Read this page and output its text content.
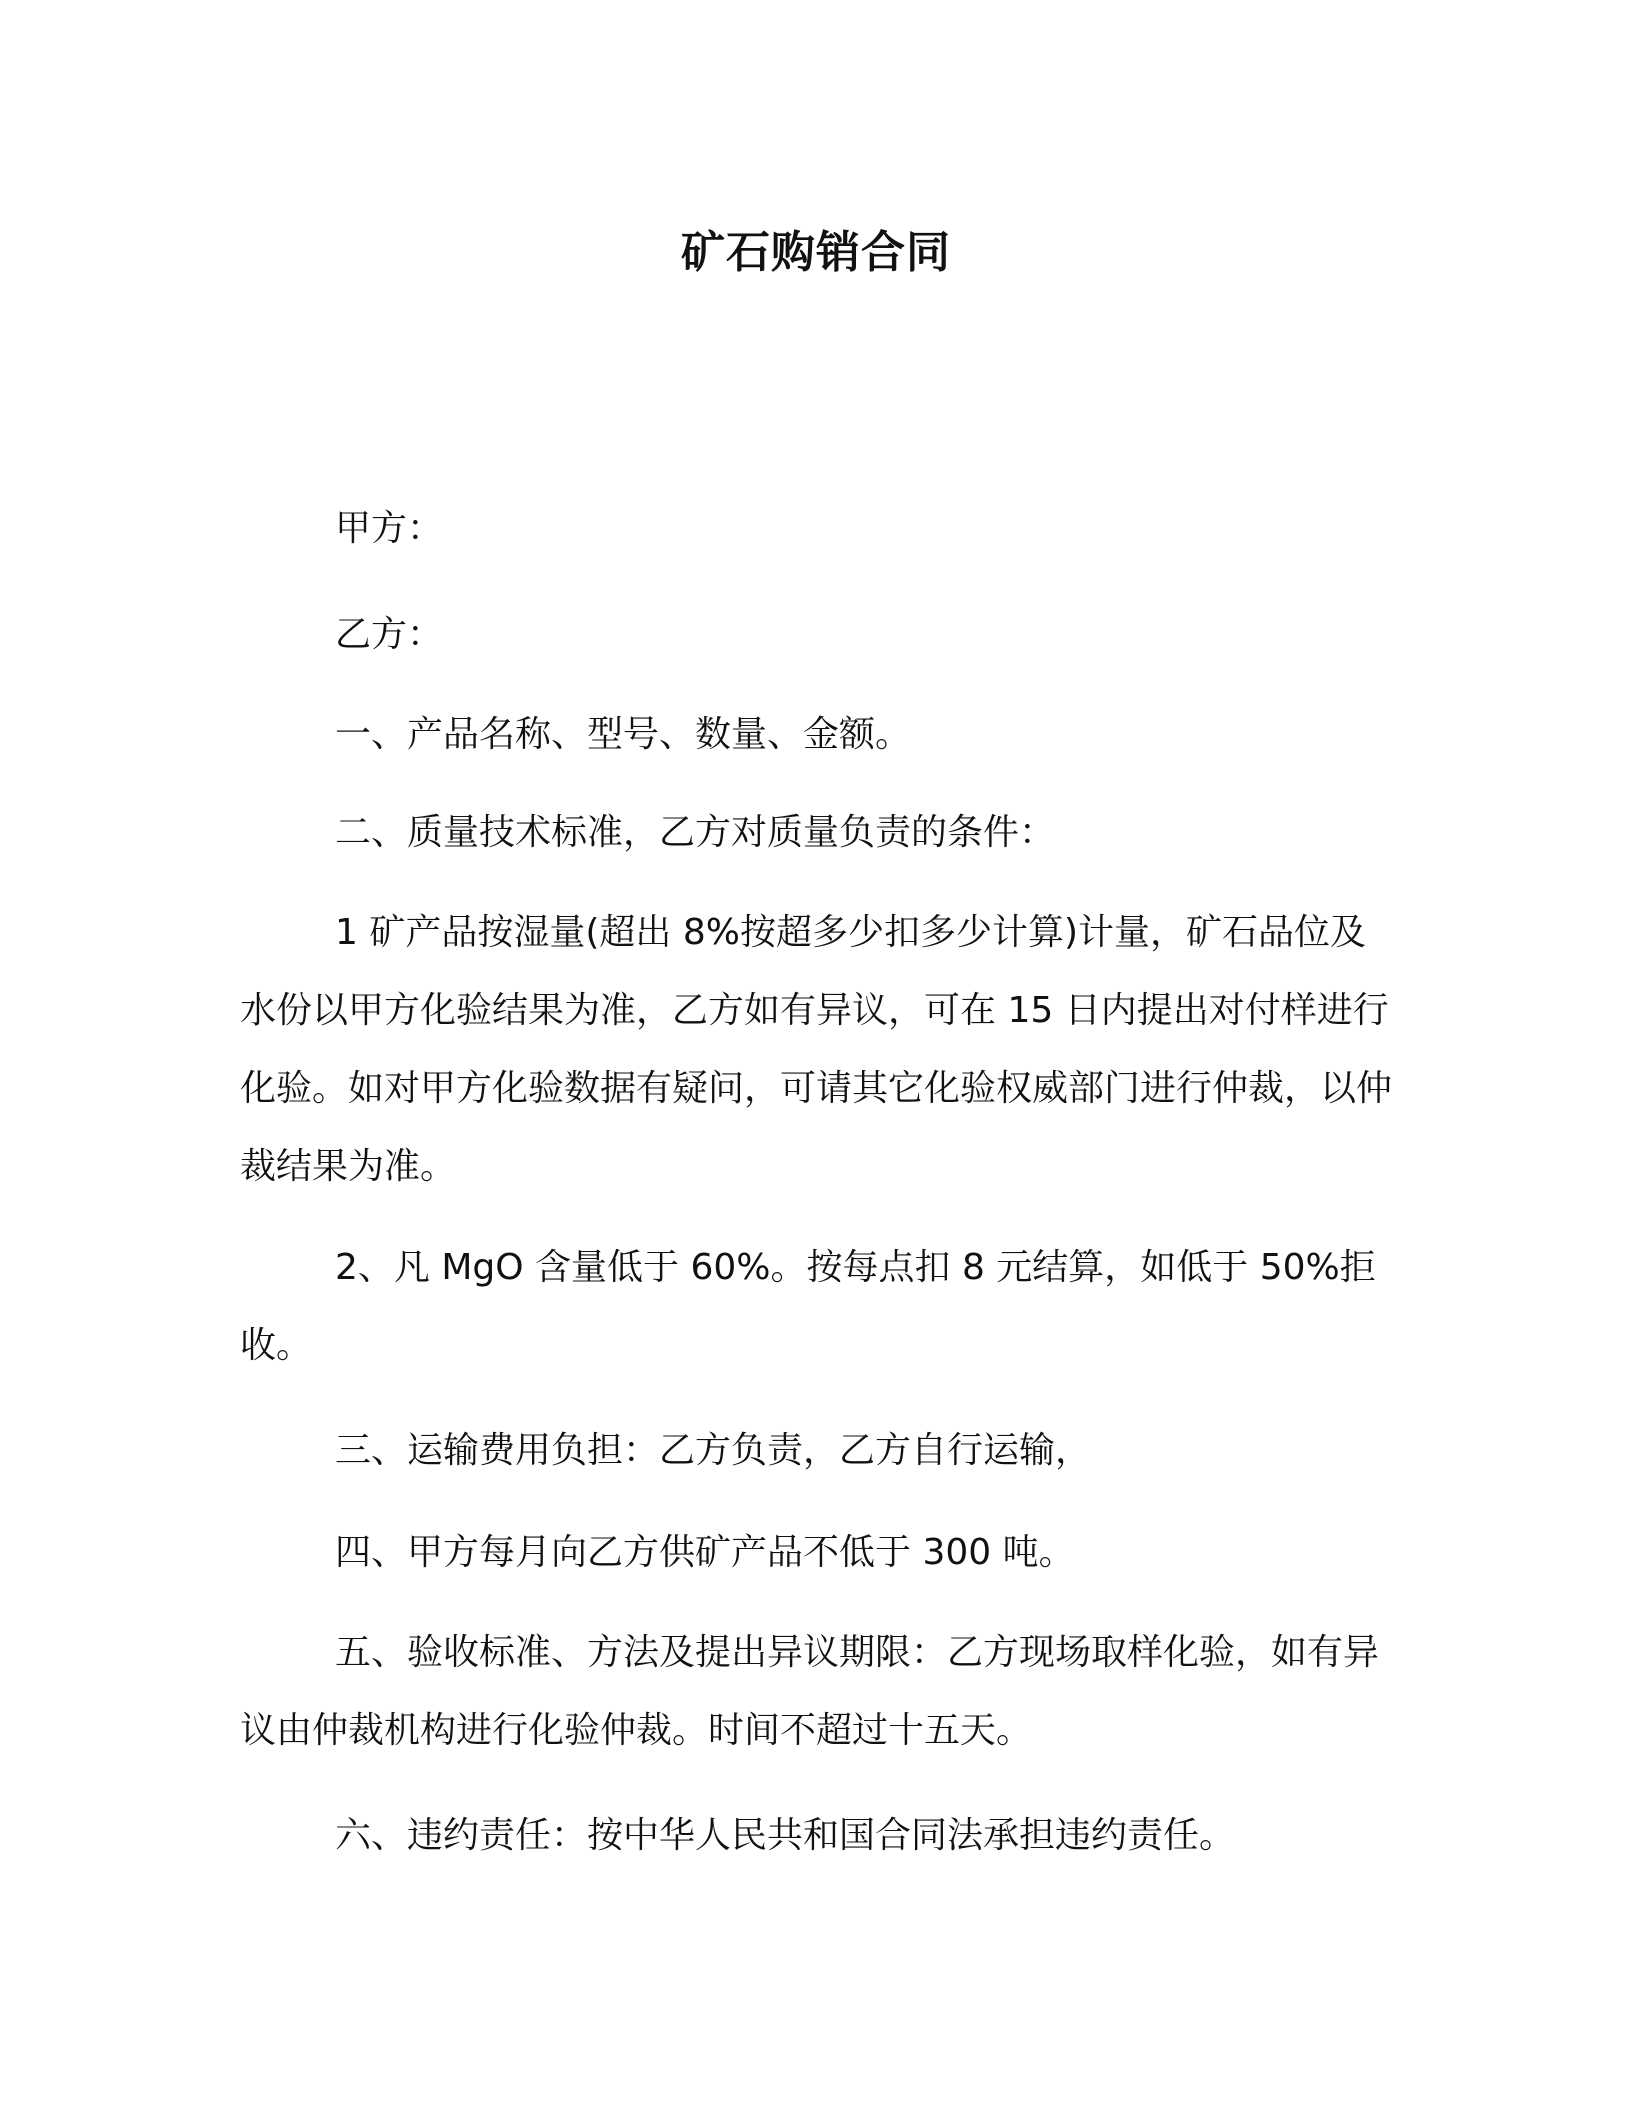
矿石购销合同

甲方：

乙方：

一、产品名称、型号、数量、金额。

二、质量技术标准，乙方对质量负责的条件：

1 矿产品按湿量(超出 8%按超多少扣多少计算)计量，矿石品位及水份以甲方化验结果为准，乙方如有异议，可在 15 日内提出对付样进行化验。如对甲方化验数据有疑问，可请其它化验权威部门进行仲裁，以仲裁结果为准。

2、凡 MgO 含量低于 60%。按每点扣 8 元结算，如低于 50%拒收。

三、运输费用负担：乙方负责，乙方自行运输，

四、甲方每月向乙方供矿产品不低于 300 吨。

五、验收标准、方法及提出异议期限：乙方现场取样化验，如有异议由仲裁机构进行化验仲裁。时间不超过十五天。

六、违约责任：按中华人民共和国合同法承担违约责任。
